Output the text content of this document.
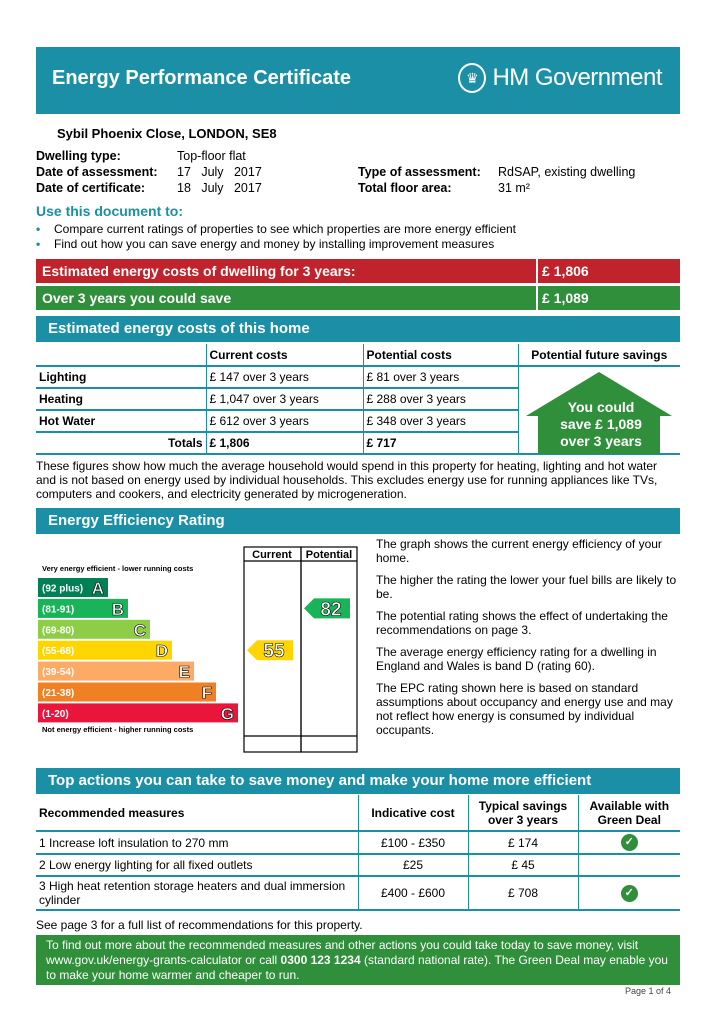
Energy Performance Certificate	♛ HM Government
Sybil Phoenix Close, LONDON, SE8
Dwelling type:	Top-floor flat
Date of assessment: 17   July   2017
Date of certificate:	18   July   2017
Type of assessment: RdSAP, existing dwelling
Total floor area:	31 m²
Use this document to:
• Compare current ratings of properties to see which properties are more energy efficient
• Find out how you can save energy and money by installing improvement measures
Estimated energy costs of dwelling for 3 years:	£ 1,806
Over 3 years you could save	£ 1,089
Estimated energy costs of this home
	Current costs	Potential costs	Potential future savings
Lighting	£ 147 over 3 years	£ 81 over 3 years	
Heating	£ 1,047 over 3 years	£ 288 over 3 years	
Hot Water	£ 612 over 3 years	£ 348 over 3 years	
Totals	£ 1,806	£ 717	
You could
save £ 1,089
over 3 years
These figures show how much the average household would spend in this property for heating, lighting and hot water and is not based on energy used by individual households. This excludes energy use for running appliances like TVs, computers and cookers, and electricity generated by microgeneration.
Energy Efficiency Rating
Current Potential
Very energy efficient - lower running costs
Not energy efficient - higher running costs
(92 plus) A
(81-91) B
(69-80)	C
(55-68)	D
(39-54)	E
(21-38)	F
(1-20)	G
55
82

The graph shows the current energy efficiency of your home.

The higher the rating the lower your fuel bills are likely to be.

The potential rating shows the effect of undertaking the recommendations on page 3.

The average energy efficiency rating for a dwelling in England and Wales is band D (rating 60).

The EPC rating shown here is based on standard assumptions about occupancy and energy use and may not reflect how energy is consumed by individual occupants.

Top actions you can take to save money and make your home more efficient
Recommended measures	Indicative cost	Typical savings over 3 years	Available with Green Deal
1 Increase loft insulation to 270 mm	£100 - £350	£ 174	✓
2 Low energy lighting for all fixed outlets	£25	£ 45	
3 High heat retention storage heaters and dual immersion cylinder	£400 - £600	£ 708	✓
See page 3 for a full list of recommendations for this property.
To find out more about the recommended measures and other actions you could take today to save money, visit www.gov.uk/energy-grants-calculator or call 0300 123 1234 (standard national rate). The Green Deal may enable you to make your home warmer and cheaper to run.
Page 1 of 4
